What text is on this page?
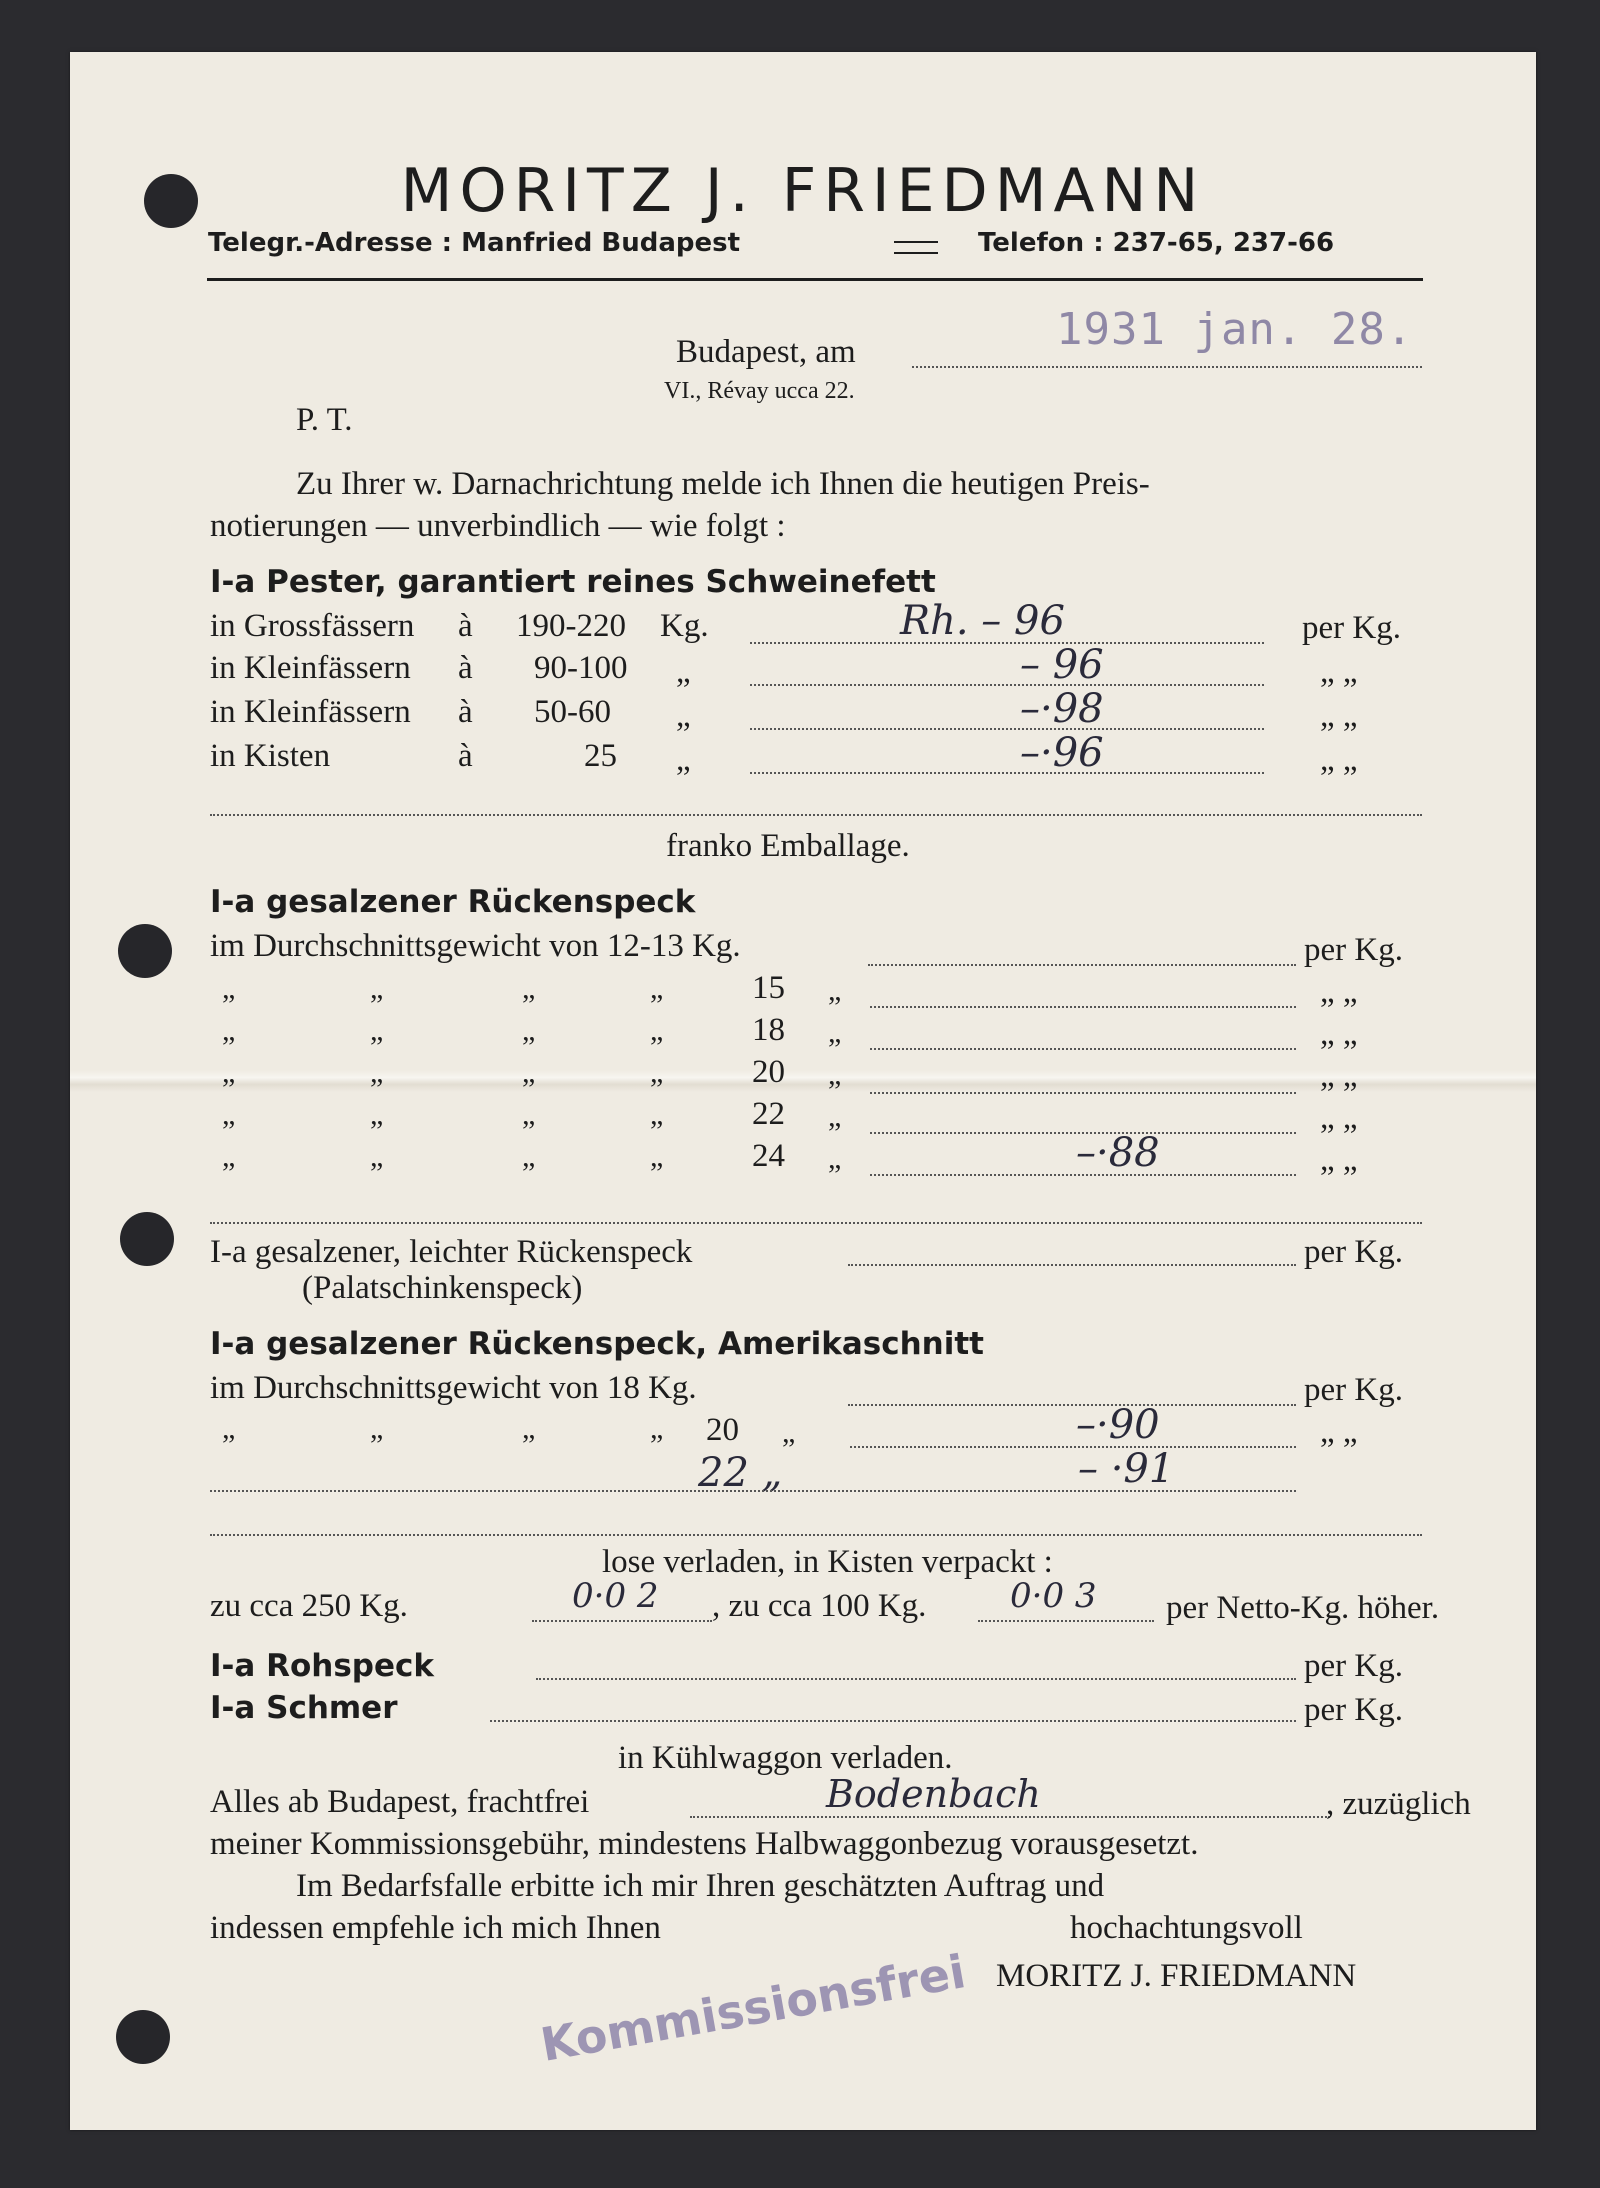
MORITZ J. FRIEDMANN
Telegr.-Adresse : Manfried Budapest	Telefon : 237-65, 237-66
Budapest, am	1931 jan. 28.
VI., Révay ucca 22.
P. T.
Zu Ihrer w. Darnachrichtung melde ich Ihnen die heutigen Preis-
notierungen — unverbindlich — wie folgt :
I-a Pester, garantiert reines Schweinefett
in Grossfässern à 190-220 Kg.	Rh. – 96	per Kg.
in Kleinfässern à 90-100 „	– 96	„ „
in Kleinfässern à 50-60 „	–·98	„ „
in Kisten	à	25 „	–·96	„ „
franko Emballage.
I-a gesalzener Rückenspeck
im Durchschnittsgewicht von 12-13 Kg.	per Kg.
„	„	„	„	15 „	„ „
„	„	„	„	18 „	„ „
„	„	„	„	20 „	„ „
„	„	„	„	22 „	„ „
„	„	„	„	24 „	–·88	„ „
I-a gesalzener, leichter Rückenspeck
(Palatschinkenspeck)
per Kg.
I-a gesalzener Rückenspeck, Amerikaschnitt
im Durchschnittsgewicht von 18 Kg.	per Kg.
„	„	„	„ 20 „	–·90	„ „
22 „	– ·91
lose verladen, in Kisten verpackt :
zu cca 250 Kg.	0·0 2 , zu cca 100 Kg. 0·0 3 per Netto-Kg. höher.
I-a Rohspeck	per Kg.
I-a Schmer	per Kg.
in Kühlwaggon verladen.
Alles ab Budapest, frachtfrei	Bodenbach	, zuzüglich
meiner Kommissionsgebühr, mindestens Halbwaggonbezug vorausgesetzt.
Im Bedarfsfalle erbitte ich mir Ihren geschätzten Auftrag und
indessen empfehle ich mich Ihnen	hochachtungsvoll
MORITZ J. FRIEDMANN
Kommissionsfrei
